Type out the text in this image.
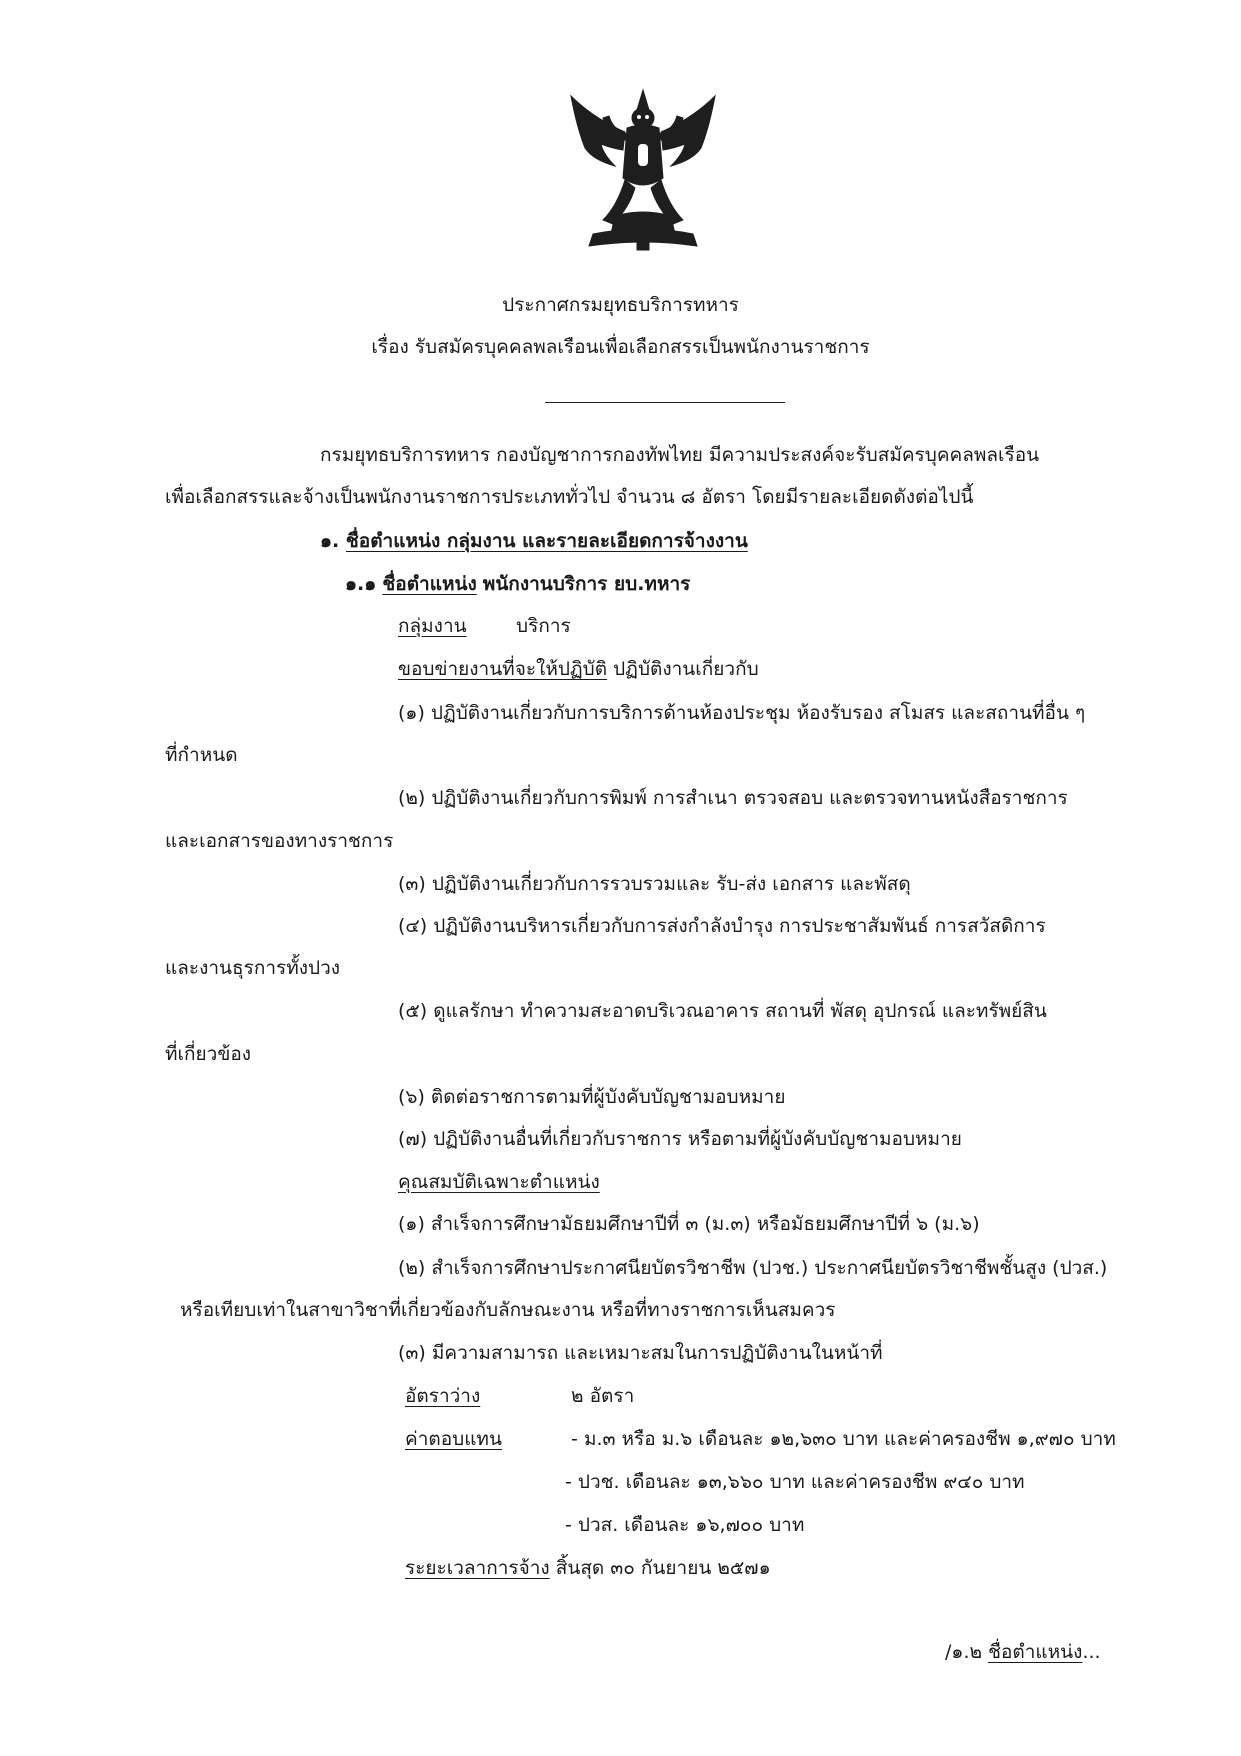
ประกาศกรมยุทธบริการทหาร
เรื่อง รับสมัครบุคคลพลเรือนเพื่อเลือกสรรเป็นพนักงานราชการ
กรมยุทธบริการทหาร กองบัญชาการกองทัพไทย มีความประสงค์จะรับสมัครบุคคลพลเรือน
เพื่อเลือกสรรและจ้างเป็นพนักงานราชการประเภททั่วไป จำนวน ๘ อัตรา โดยมีรายละเอียดดังต่อไปนี้
๑. ชื่อตำแหน่ง กลุ่มงาน และรายละเอียดการจ้างงาน
๑.๑ ชื่อตำแหน่ง พนักงานบริการ ยบ.ทหาร
กลุ่มงาน	บริการ
ขอบข่ายงานที่จะให้ปฏิบัติ ปฏิบัติงานเกี่ยวกับ
(๑) ปฏิบัติงานเกี่ยวกับการบริการด้านห้องประชุม ห้องรับรอง สโมสร และสถานที่อื่น ๆ
ที่กำหนด
(๒) ปฏิบัติงานเกี่ยวกับการพิมพ์ การสำเนา ตรวจสอบ และตรวจทานหนังสือราชการ
และเอกสารของทางราชการ
(๓) ปฏิบัติงานเกี่ยวกับการรวบรวมและ รับ-ส่ง เอกสาร และพัสดุ
(๔) ปฏิบัติงานบริหารเกี่ยวกับการส่งกำลังบำรุง การประชาสัมพันธ์ การสวัสดิการ
และงานธุรการทั้งปวง
(๕) ดูแลรักษา ทำความสะอาดบริเวณอาคาร สถานที่ พัสดุ อุปกรณ์ และทรัพย์สิน
ที่เกี่ยวข้อง
(๖) ติดต่อราชการตามที่ผู้บังคับบัญชามอบหมาย
(๗) ปฏิบัติงานอื่นที่เกี่ยวกับราชการ หรือตามที่ผู้บังคับบัญชามอบหมาย
คุณสมบัติเฉพาะตำแหน่ง
(๑) สำเร็จการศึกษามัธยมศึกษาปีที่ ๓ (ม.๓) หรือมัธยมศึกษาปีที่ ๖ (ม.๖)
(๒) สำเร็จการศึกษาประกาศนียบัตรวิชาชีพ (ปวช.) ประกาศนียบัตรวิชาชีพชั้นสูง (ปวส.)
หรือเทียบเท่าในสาขาวิชาที่เกี่ยวข้องกับลักษณะงาน หรือที่ทางราชการเห็นสมควร
(๓) มีความสามารถ และเหมาะสมในการปฏิบัติงานในหน้าที่
อัตราว่าง	๒ อัตรา
ค่าตอบแทน	- ม.๓ หรือ ม.๖ เดือนละ ๑๒,๖๓๐ บาท และค่าครองชีพ ๑,๙๗๐ บาท
- ปวช. เดือนละ ๑๓,๖๖๐ บาท และค่าครองชีพ ๙๔๐ บาท
- ปวส. เดือนละ ๑๖,๗๐๐ บาท
ระยะเวลาการจ้าง สิ้นสุด ๓๐ กันยายน ๒๕๗๑
/๑.๒ ชื่อตำแหน่ง...
